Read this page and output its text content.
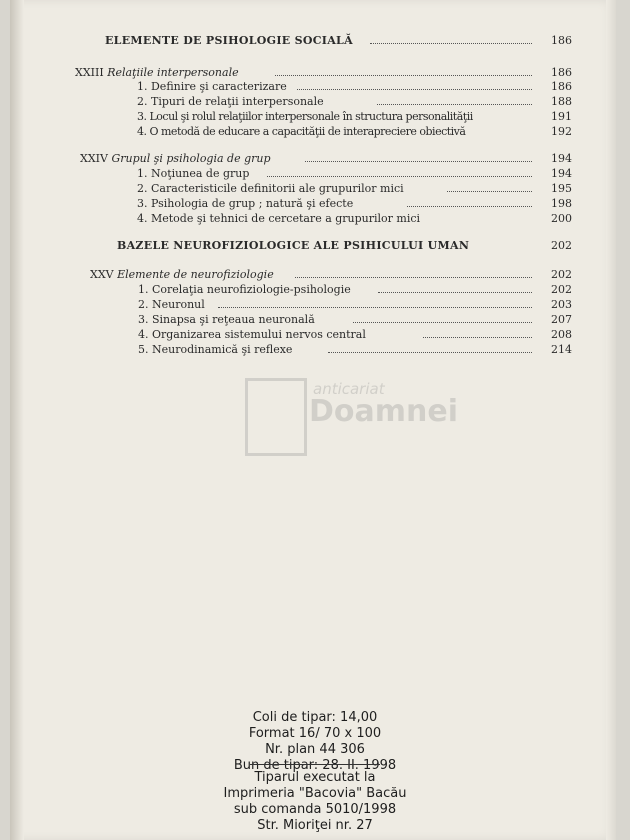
ELEMENTE DE PSIHOLOGIE SOCIALĂ	186
XXIII Relaţiile interpersonale	186
1. Definire şi caracterizare	186
2. Tipuri de relaţii interpersonale	188
3. Locul şi rolul relaţiilor interpersonale în structura personalităţii	191
4. O metodă de educare a capacităţii de interapreciere obiectivă	192
XXIV Grupul şi psihologia de grup	194
1. Noţiunea de grup	194
2. Caracteristicile definitorii ale grupurilor mici	195
3. Psihologia de grup ; natură şi efecte	198
4. Metode şi tehnici de cercetare a grupurilor mici	200
BAZELE NEUROFIZIOLOGICE ALE PSIHICULUI UMAN	202
XXV Elemente de neurofiziologie	202
1. Corelaţia neurofiziologie-psihologie	202
2. Neuronul	203
3. Sinapsa şi reţeaua neuronală	207
4. Organizarea sistemului nervos central	208
5. Neurodinamică şi reflexe	214
anticariat
Doamnei
Coli de tipar: 14,00
Format 16/ 70 x 100
Nr. plan 44 306
Bun de tipar: 28. II. 1998
Tiparul executat la
Imprimeria "Bacovia" Bacău
sub comanda 5010/1998
Str. Mioriţei nr. 27
